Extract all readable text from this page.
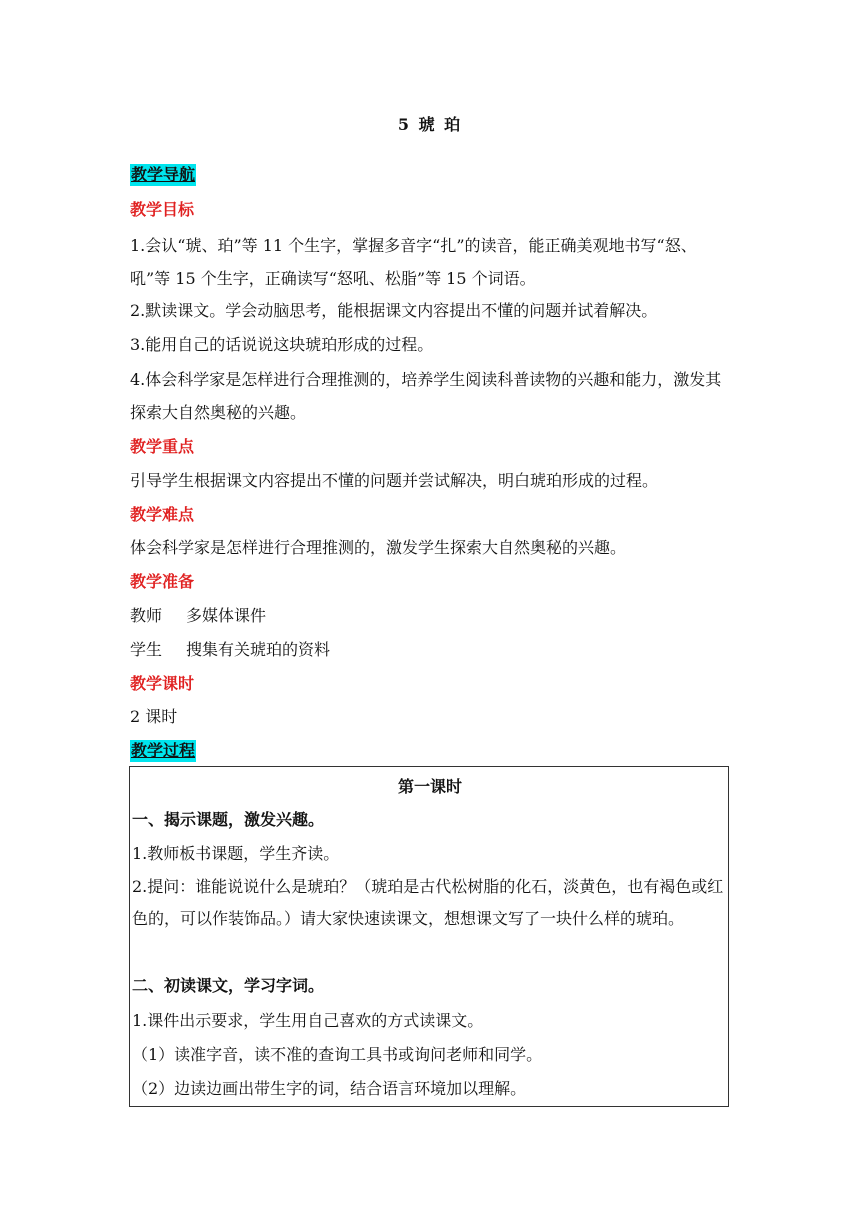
5 琥 珀
教学导航
教学目标
1.会认“琥、珀”等 11 个生字，掌握多音字“扎”的读音，能正确美观地书写“怒、吼”等 15 个生字，正确读写“怒吼、松脂”等 15 个词语。
2.默读课文。学会动脑思考，能根据课文内容提出不懂的问题并试着解决。
3.能用自己的话说说这块琥珀形成的过程。
4.体会科学家是怎样进行合理推测的，培养学生阅读科普读物的兴趣和能力，激发其探索大自然奥秘的兴趣。
教学重点
引导学生根据课文内容提出不懂的问题并尝试解决，明白琥珀形成的过程。
教学难点
体会科学家是怎样进行合理推测的，激发学生探索大自然奥秘的兴趣。
教学准备
教师 多媒体课件
学生 搜集有关琥珀的资料
教学课时
2 课时
教学过程
第一课时
一、揭示课题，激发兴趣。
1.教师板书课题，学生齐读。
2.提问：谁能说说什么是琥珀？（琥珀是古代松树脂的化石，淡黄色，也有褐色或红色的，可以作装饰品。）请大家快速读课文，想想课文写了一块什么样的琥珀。
二、初读课文，学习字词。
1.课件出示要求，学生用自己喜欢的方式读课文。
（1）读准字音，读不准的查询工具书或询问老师和同学。
（2）边读边画出带生字的词，结合语言环境加以理解。
